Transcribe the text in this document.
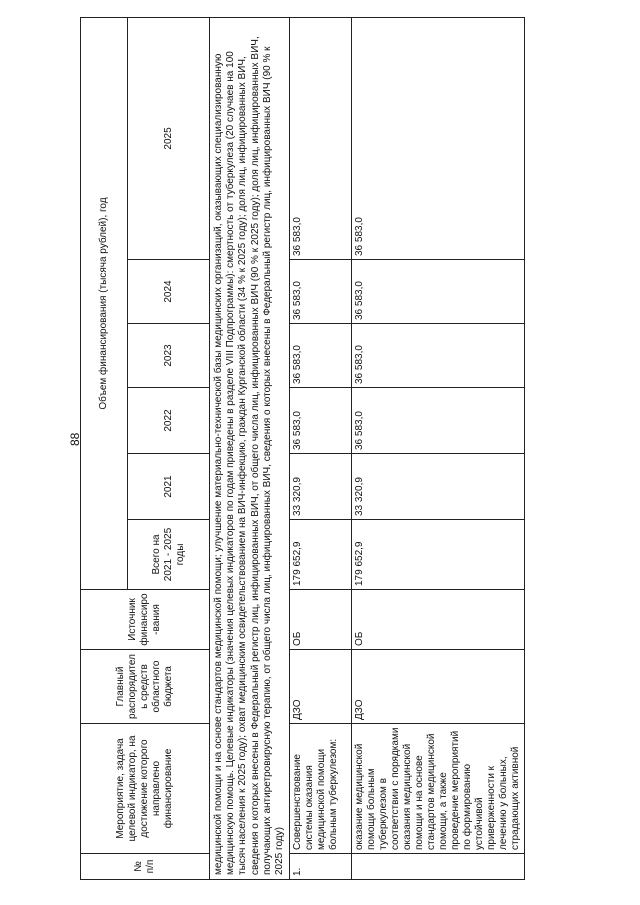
88
№ п/п	Мероприятие, задача целевой индикатор, на достижение которого направлено финансирование	Главный распорядитель средств областного бюджета	Источник финансиро-вания	Объем финансирования (тысяча рублей), год					
				Всего на 2021 - 2025 годы	2021	2022	2023	2024	2025
медицинской помощи и на основе стандартов медицинской помощи; улучшение материально-технической базы медицинских организаций, оказывающих специализированную медицинскую помощь. Целевые индикаторы (значения целевых индикаторов по годам приведены в разделе VIII Подпрограммы): смертность от туберкулеза (20 случаев на 100 тысяч населения к 2025 году); охват медицинским освидетельствованием на ВИЧ-инфекцию, граждан Курганской области (34 % к 2025 году); доля лиц, инфицированных ВИЧ, сведения о которых внесены в Федеральный регистр лиц, инфицированных ВИЧ, от общего числа лиц, инфицированных ВИЧ (90 % к 2025 году); доля лиц, инфицированных ВИЧ, получающих антиретровирусную терапию, от общего числа лиц, инфицированных ВИЧ, сведения о которых внесены в Федеральный регистр лиц, инфицированных ВИЧ (90 % к 2025 году)									
1.	Совершенствование системы оказания медицинской помощи больным туберкулезом:	ДЗО	ОБ	179 652,9	33 320,9	36 583,0	36 583,0	36 583,0	36 583,0
	оказание медицинской помощи больным туберкулезом в соответствии с порядками оказания медицинской помощи и на основе стандартов медицинской помощи, а также проведение мероприятий по формированию устойчивой приверженности к лечению у больных, страдающих активной	ДЗО	ОБ	179 652,9	33 320,9	36 583,0	36 583,0	36 583,0	36 583,0
